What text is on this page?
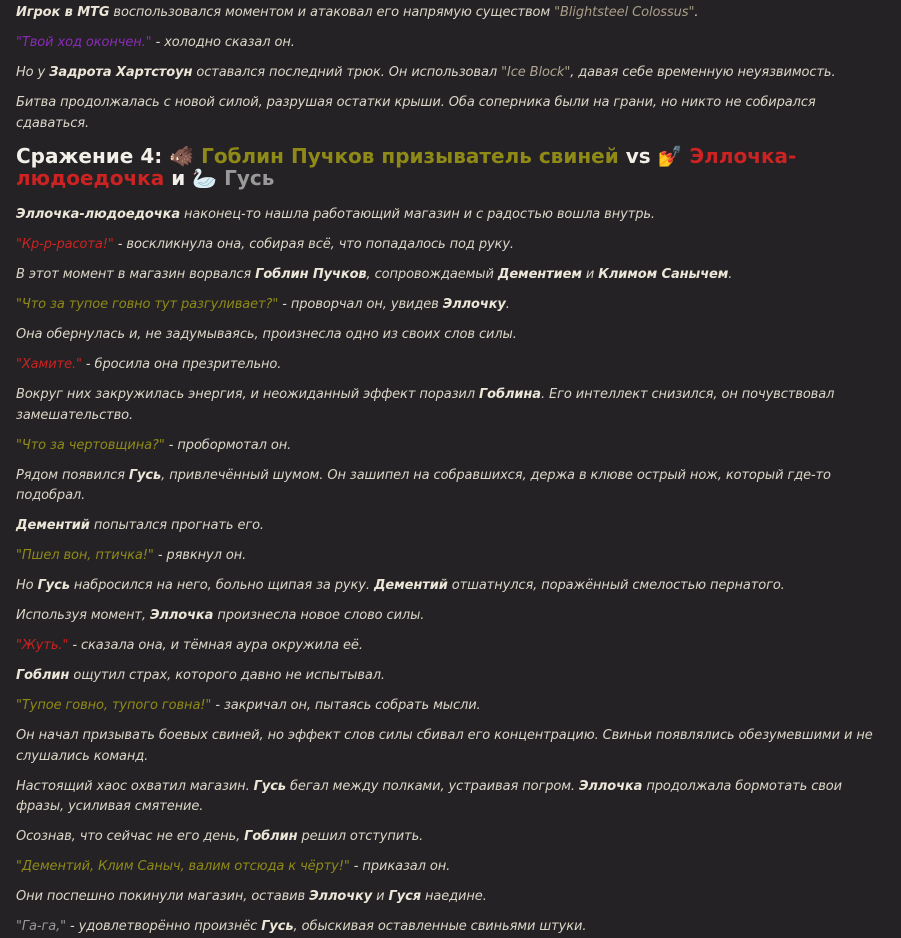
Игрок в MTG воспользовался моментом и атаковал его напрямую существом "Blightsteel Colossus".

"Твой ход окончен." - холодно сказал он.

Но у Задрота Хартстоун оставался последний трюк. Он использовал "Ice Block", давая себе временную неуязвимость.

Битва продолжалась с новой силой, разрушая остатки крыши. Оба соперника были на грани, но никто не собирался сдаваться.

Сражение 4: 🐗 Гоблин Пучков призыватель свиней vs 💅 Эллочка-людоедочка и 🦢 Гусь

Эллочка-людоедочка наконец-то нашла работающий магазин и с радостью вошла внутрь.

"Кр-р-расота!" - воскликнула она, собирая всё, что попадалось под руку.

В этот момент в магазин ворвался Гоблин Пучков, сопровождаемый Дементием и Климом Санычем.

"Что за тупое говно тут разгуливает?" - проворчал он, увидев Эллочку.

Она обернулась и, не задумываясь, произнесла одно из своих слов силы.

"Хамите." - бросила она презрительно.

Вокруг них закружилась энергия, и неожиданный эффект поразил Гоблина. Его интеллект снизился, он почувствовал замешательство.

"Что за чертовщина?" - пробормотал он.

Рядом появился Гусь, привлечённый шумом. Он зашипел на собравшихся, держа в клюве острый нож, который где-то подобрал.

Дементий попытался прогнать его.

"Пшел вон, птичка!" - рявкнул он.

Но Гусь набросился на него, больно щипая за руку. Дементий отшатнулся, поражённый смелостью пернатого.

Используя момент, Эллочка произнесла новое слово силы.

"Жуть." - сказала она, и тёмная аура окружила её.

Гоблин ощутил страх, которого давно не испытывал.

"Тупое говно, тупого говна!" - закричал он, пытаясь собрать мысли.

Он начал призывать боевых свиней, но эффект слов силы сбивал его концентрацию. Свиньи появлялись обезумевшими и не слушались команд.

Настоящий хаос охватил магазин. Гусь бегал между полками, устраивая погром. Эллочка продолжала бормотать свои фразы, усиливая смятение.

Осознав, что сейчас не его день, Гоблин решил отступить.

"Дементий, Клим Саныч, валим отсюда к чёрту!" - приказал он.

Они поспешно покинули магазин, оставив Эллочку и Гуся наедине.

"Га-га," - удовлетворённо произнёс Гусь, обыскивая оставленные свиньями штуки.
